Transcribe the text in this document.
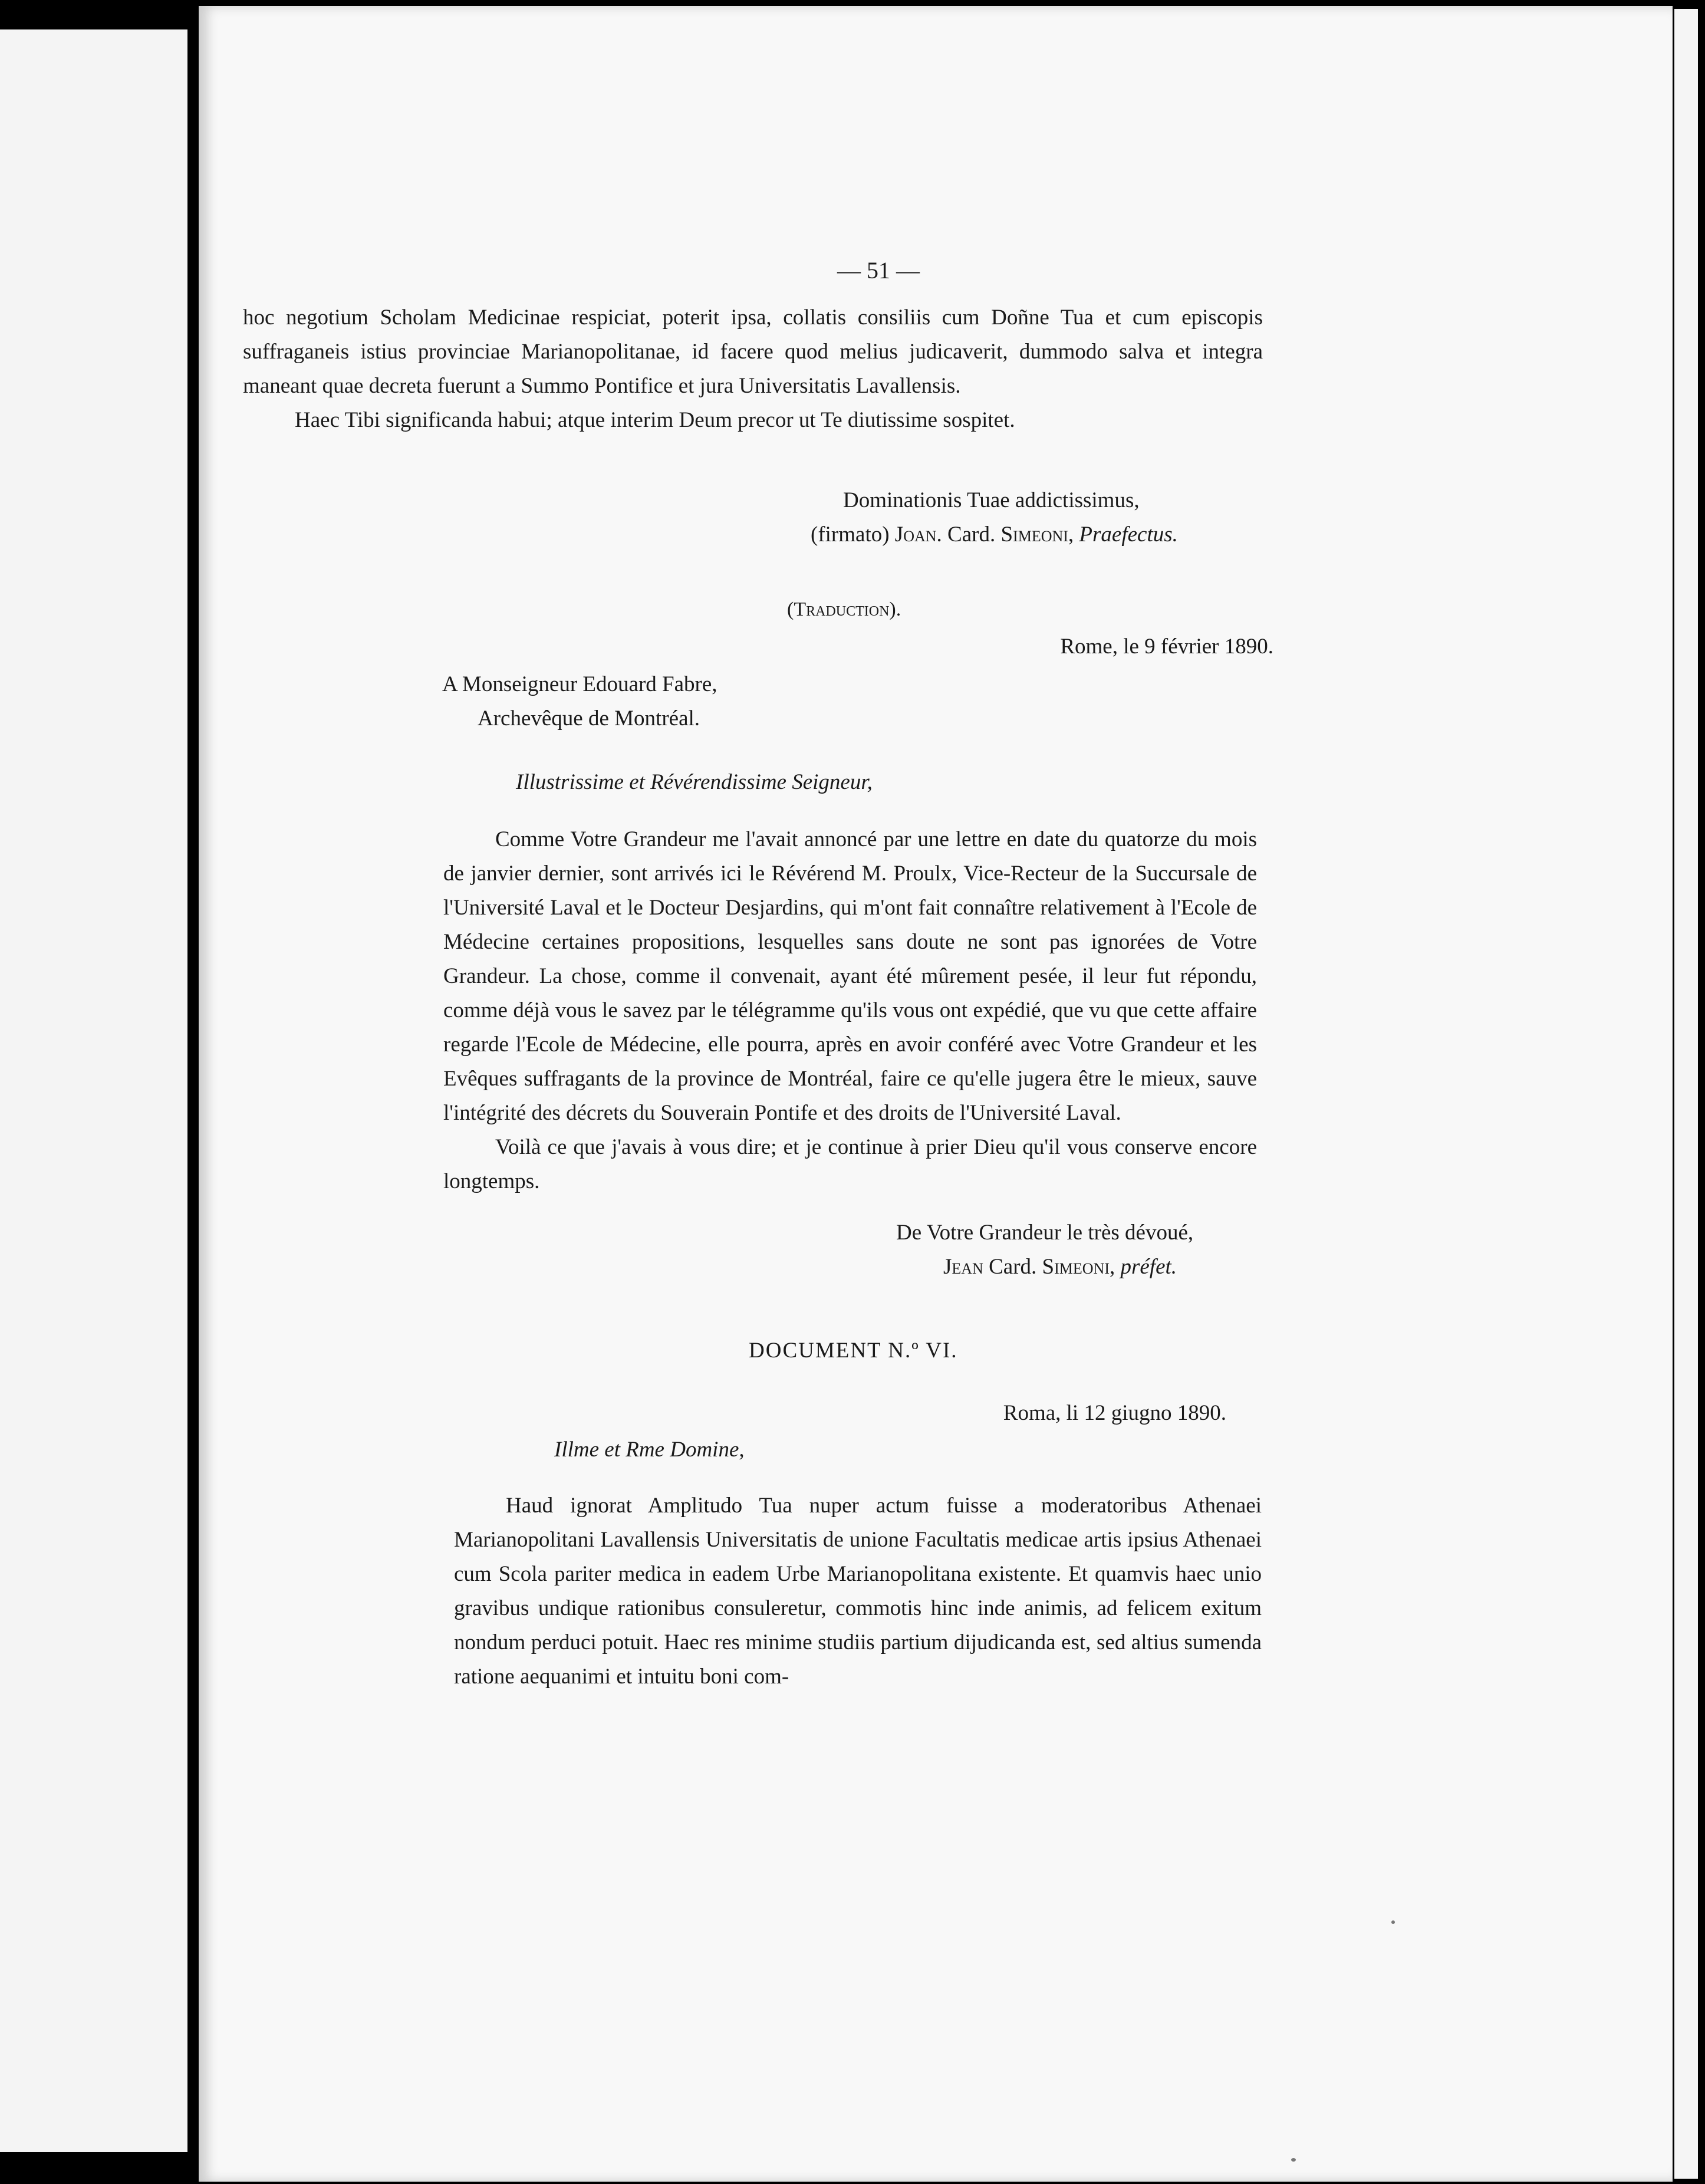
— 51 —

hoc negotium Scholam Medicinae respiciat, poterit ipsa, collatis consiliis cum Doñne Tua et cum episcopis suffraganeis istius provinciae Marianopolitanae, id facere quod melius judicaverit, dummodo salva et integra maneant quae decreta fuerunt a Summo Pontifice et jura Universitatis Lavallensis.

Haec Tibi significanda habui; atque interim Deum precor ut Te diutissime sospitet.

Dominationis Tuae addictissimus,

(firmato) Joan. Card. Simeoni, Praefectus.

(Traduction).
Rome, le 9 février 1890.

A Monseigneur Edouard Fabre,

Archevêque de Montréal.

Illustrissime et Révérendissime Seigneur,

Comme Votre Grandeur me l'avait annoncé par une lettre en date du quatorze du mois de janvier dernier, sont arrivés ici le Révérend M. Proulx, Vice-Recteur de la Succursale de l'Université Laval et le Docteur Desjardins, qui m'ont fait connaître relativement à l'Ecole de Médecine certaines propositions, lesquelles sans doute ne sont pas ignorées de Votre Grandeur. La chose, comme il convenait, ayant été mûrement pesée, il leur fut répondu, comme déjà vous le savez par le télégramme qu'ils vous ont expédié, que vu que cette affaire regarde l'Ecole de Médecine, elle pourra, après en avoir conféré avec Votre Grandeur et les Evêques suffragants de la province de Montréal, faire ce qu'elle jugera être le mieux, sauve l'intégrité des décrets du Souverain Pontife et des droits de l'Université Laval.

Voilà ce que j'avais à vous dire; et je continue à prier Dieu qu'il vous conserve encore longtemps.

De Votre Grandeur le très dévoué,

Jean Card. Simeoni, préfet.

DOCUMENT N.º VI.
Roma, li 12 giugno 1890.
Illme et Rme Domine,

Haud ignorat Amplitudo Tua nuper actum fuisse a moderatoribus Athenaei Marianopolitani Lavallensis Universitatis de unione Facultatis medicae artis ipsius Athenaei cum Scola pariter medica in eadem Urbe Marianopolitana existente. Et quamvis haec unio gravibus undique rationibus consuleretur, commotis hinc inde animis, ad felicem exitum nondum perduci potuit. Haec res minime studiis partium dijudicanda est, sed altius sumenda ratione aequanimi et intuitu boni com-
